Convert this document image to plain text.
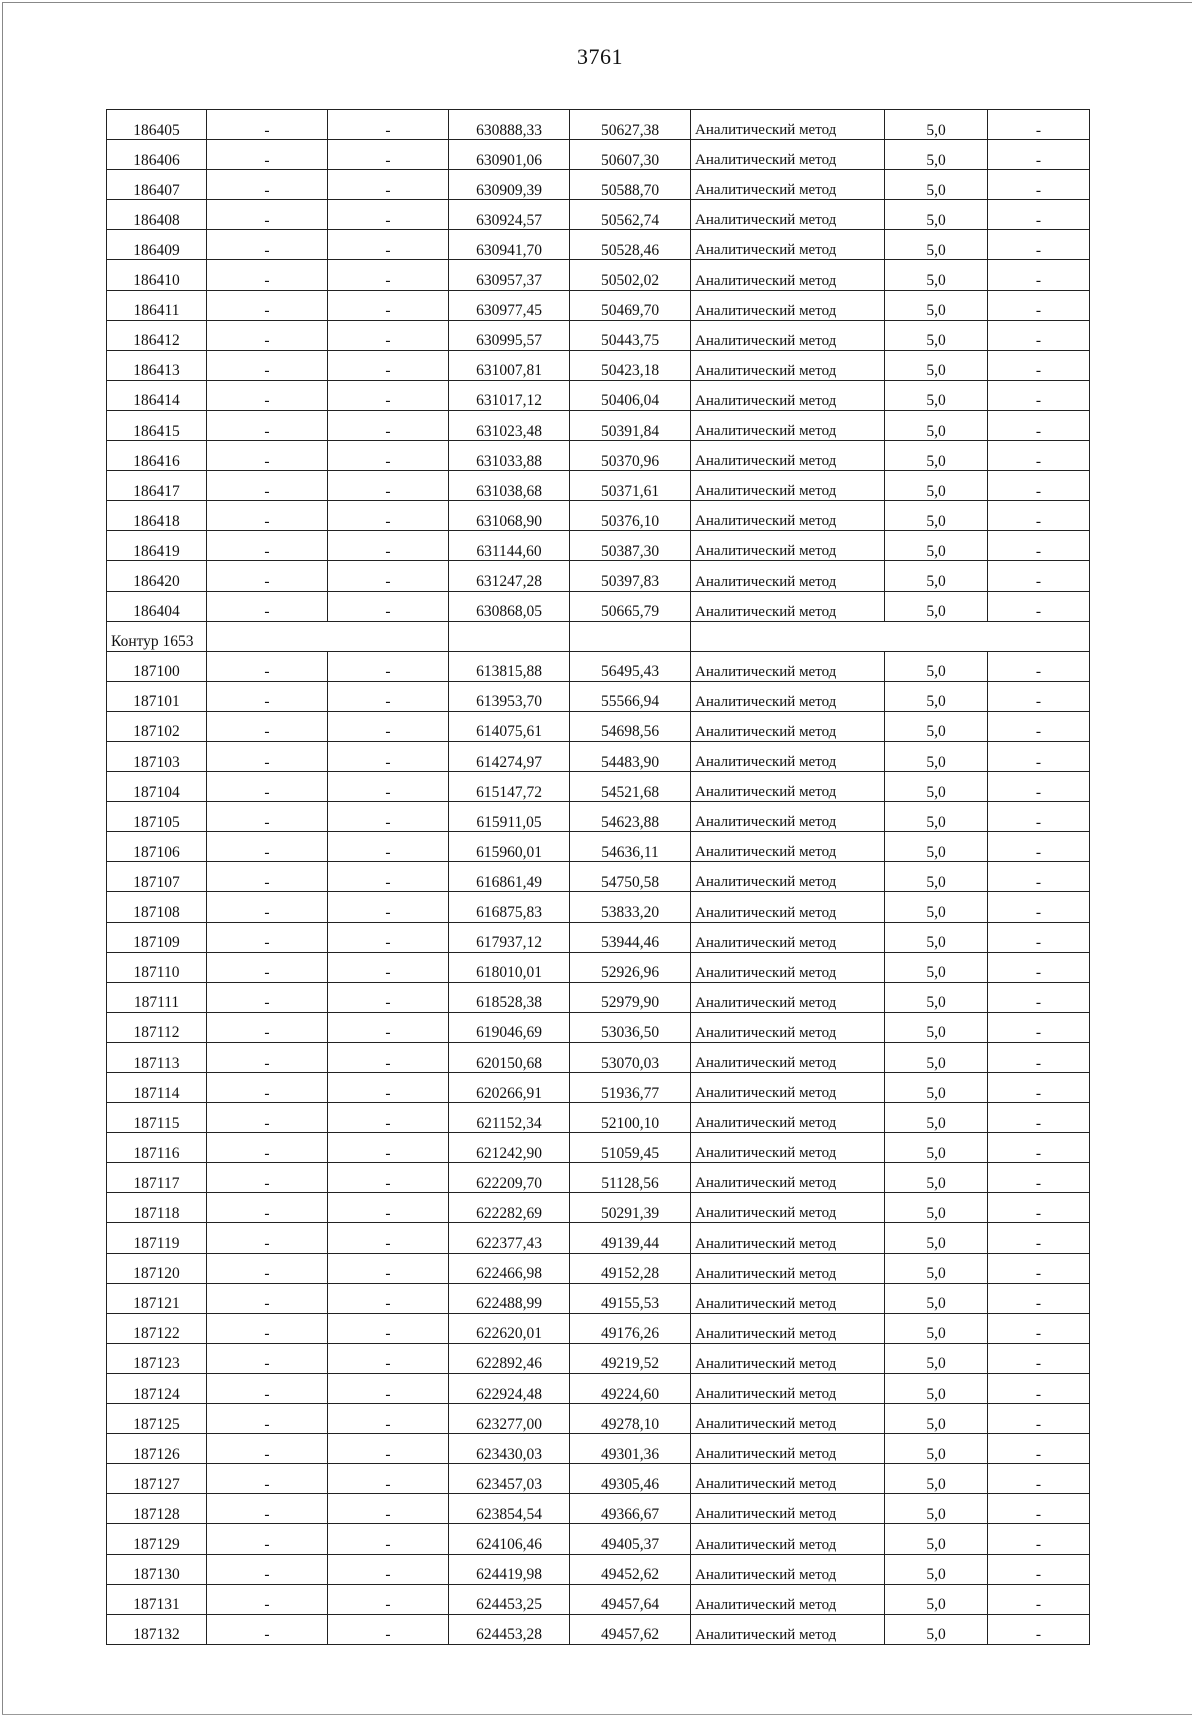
3761
186405	-	-	630888,33	50627,38	Аналитический метод	5,0	-
186406	-	-	630901,06	50607,30	Аналитический метод	5,0	-
186407	-	-	630909,39	50588,70	Аналитический метод	5,0	-
186408	-	-	630924,57	50562,74	Аналитический метод	5,0	-
186409	-	-	630941,70	50528,46	Аналитический метод	5,0	-
186410	-	-	630957,37	50502,02	Аналитический метод	5,0	-
186411	-	-	630977,45	50469,70	Аналитический метод	5,0	-
186412	-	-	630995,57	50443,75	Аналитический метод	5,0	-
186413	-	-	631007,81	50423,18	Аналитический метод	5,0	-
186414	-	-	631017,12	50406,04	Аналитический метод	5,0	-
186415	-	-	631023,48	50391,84	Аналитический метод	5,0	-
186416	-	-	631033,88	50370,96	Аналитический метод	5,0	-
186417	-	-	631038,68	50371,61	Аналитический метод	5,0	-
186418	-	-	631068,90	50376,10	Аналитический метод	5,0	-
186419	-	-	631144,60	50387,30	Аналитический метод	5,0	-
186420	-	-	631247,28	50397,83	Аналитический метод	5,0	-
186404	-	-	630868,05	50665,79	Аналитический метод	5,0	-
Контур 1653							
187100	-	-	613815,88	56495,43	Аналитический метод	5,0	-
187101	-	-	613953,70	55566,94	Аналитический метод	5,0	-
187102	-	-	614075,61	54698,56	Аналитический метод	5,0	-
187103	-	-	614274,97	54483,90	Аналитический метод	5,0	-
187104	-	-	615147,72	54521,68	Аналитический метод	5,0	-
187105	-	-	615911,05	54623,88	Аналитический метод	5,0	-
187106	-	-	615960,01	54636,11	Аналитический метод	5,0	-
187107	-	-	616861,49	54750,58	Аналитический метод	5,0	-
187108	-	-	616875,83	53833,20	Аналитический метод	5,0	-
187109	-	-	617937,12	53944,46	Аналитический метод	5,0	-
187110	-	-	618010,01	52926,96	Аналитический метод	5,0	-
187111	-	-	618528,38	52979,90	Аналитический метод	5,0	-
187112	-	-	619046,69	53036,50	Аналитический метод	5,0	-
187113	-	-	620150,68	53070,03	Аналитический метод	5,0	-
187114	-	-	620266,91	51936,77	Аналитический метод	5,0	-
187115	-	-	621152,34	52100,10	Аналитический метод	5,0	-
187116	-	-	621242,90	51059,45	Аналитический метод	5,0	-
187117	-	-	622209,70	51128,56	Аналитический метод	5,0	-
187118	-	-	622282,69	50291,39	Аналитический метод	5,0	-
187119	-	-	622377,43	49139,44	Аналитический метод	5,0	-
187120	-	-	622466,98	49152,28	Аналитический метод	5,0	-
187121	-	-	622488,99	49155,53	Аналитический метод	5,0	-
187122	-	-	622620,01	49176,26	Аналитический метод	5,0	-
187123	-	-	622892,46	49219,52	Аналитический метод	5,0	-
187124	-	-	622924,48	49224,60	Аналитический метод	5,0	-
187125	-	-	623277,00	49278,10	Аналитический метод	5,0	-
187126	-	-	623430,03	49301,36	Аналитический метод	5,0	-
187127	-	-	623457,03	49305,46	Аналитический метод	5,0	-
187128	-	-	623854,54	49366,67	Аналитический метод	5,0	-
187129	-	-	624106,46	49405,37	Аналитический метод	5,0	-
187130	-	-	624419,98	49452,62	Аналитический метод	5,0	-
187131	-	-	624453,25	49457,64	Аналитический метод	5,0	-
187132	-	-	624453,28	49457,62	Аналитический метод	5,0	-
